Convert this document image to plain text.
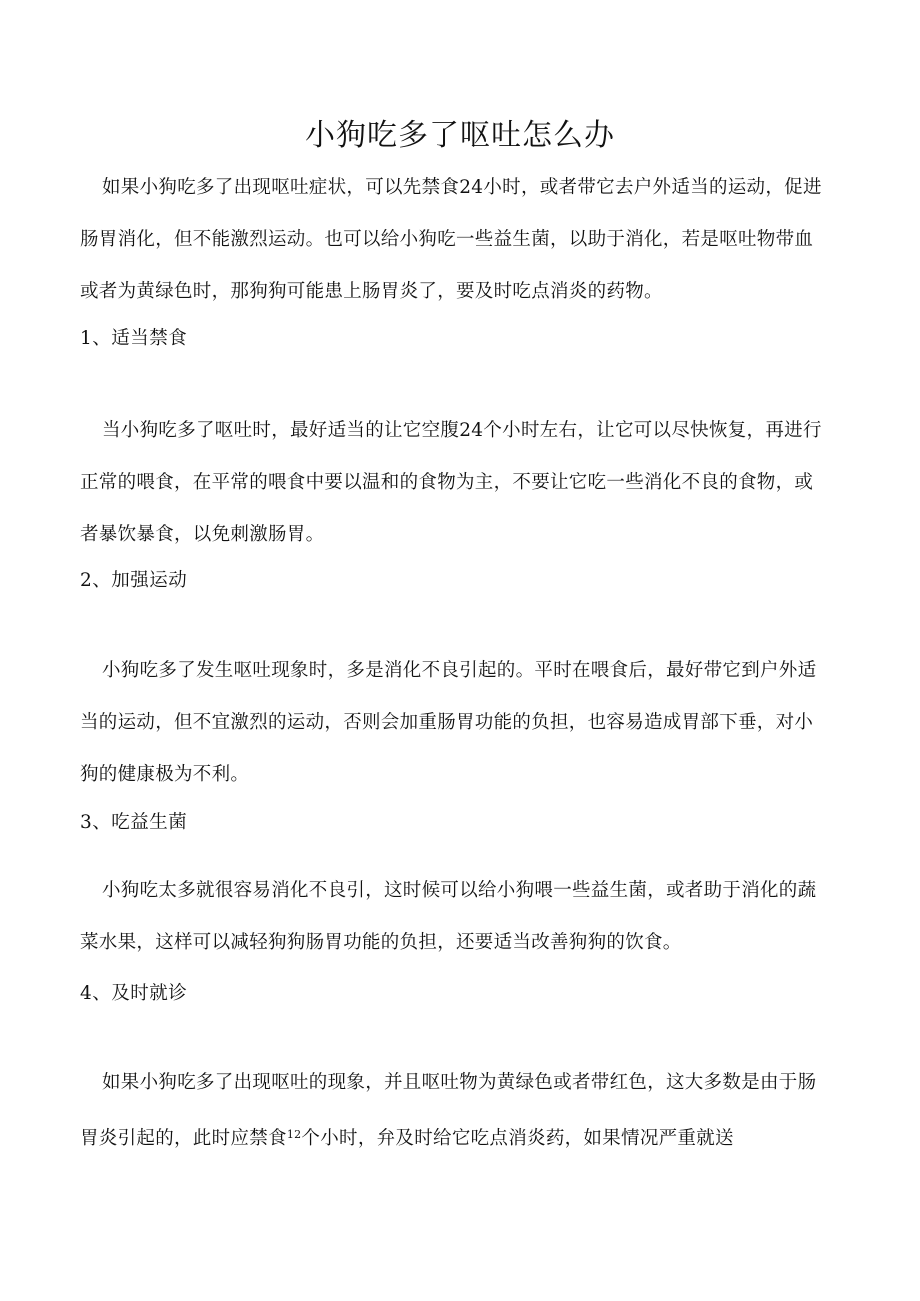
小狗吃多了呕吐怎么办

如果小狗吃多了出现呕吐症状，可以先禁食24小时，或者带它去户外适当的运动，促进肠胃消化，但不能激烈运动。也可以给小狗吃一些益生菌，以助于消化，若是呕吐物带血或者为黄绿色时，那狗狗可能患上肠胃炎了，要及时吃点消炎的药物。

1、适当禁食

当小狗吃多了呕吐时，最好适当的让它空腹24个小时左右，让它可以尽快恢复，再进行正常的喂食，在平常的喂食中要以温和的食物为主，不要让它吃一些消化不良的食物，或者暴饮暴食，以免刺激肠胃。

2、加强运动

小狗吃多了发生呕吐现象时，多是消化不良引起的。平时在喂食后，最好带它到户外适当的运动，但不宜激烈的运动，否则会加重肠胃功能的负担，也容易造成胃部下垂，对小狗的健康极为不利。

3、吃益生菌

小狗吃太多就很容易消化不良引，这时候可以给小狗喂一些益生菌，或者助于消化的蔬菜水果，这样可以减轻狗狗肠胃功能的负担，还要适当改善狗狗的饮食。

4、及时就诊

如果小狗吃多了出现呕吐的现象，并且呕吐物为黄绿色或者带红色，这大多数是由于肠胃炎引起的，此时应禁食$^{12}$个小时，弁及时给它吃点消炎药，如果情况严重就送
